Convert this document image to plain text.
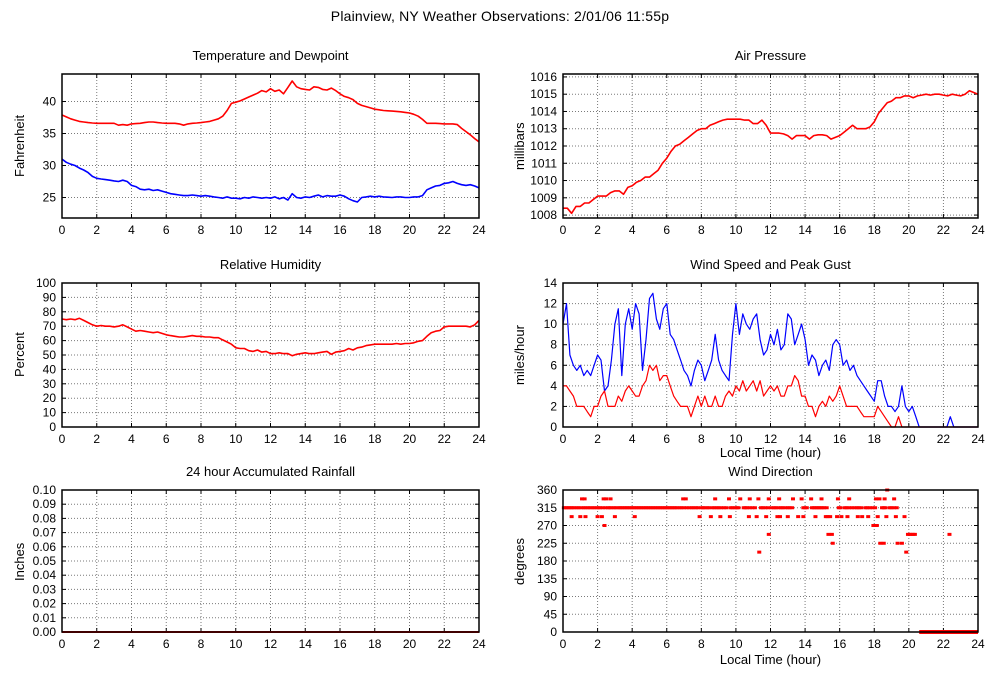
Plainview, NY Weather Observations: 2/01/06 11:55p
Temperature and Dewpoint
Fahrenheit
0 2 4 6 8 10 12 14 16 18 20 22 24
25
30
35
40
Air Pressure
millibars
0 2 4 6 8 10 12 14 16 18 20 22 24
1008
1009
1010
1011
1012
1013
1014
1015
1016
Relative Humidity
Percent
0 2 4 6 8 10 12 14 16 18 20 22 24
0
10
20
30
40
50
60
70
80
90
100
Wind Speed and Peak Gust
miles/hour
0 2 4 6 8 10 12 14 16 18 20 22 24
0
2
4
6
8
10
12
14
Local Time (hour)
24 hour Accumulated Rainfall
Inches
0 2 4 6 8 10 12 14 16 18 20 22 24
0.00
0.01
0.02
0.03
0.04
0.05
0.06
0.07
0.08
0.09
0.10
Wind Direction
degrees
0 2 4 6 8 10 12 14 16 18 20 22 24
0
45
90
135
180
225
270
315
360
Local Time (hour)
